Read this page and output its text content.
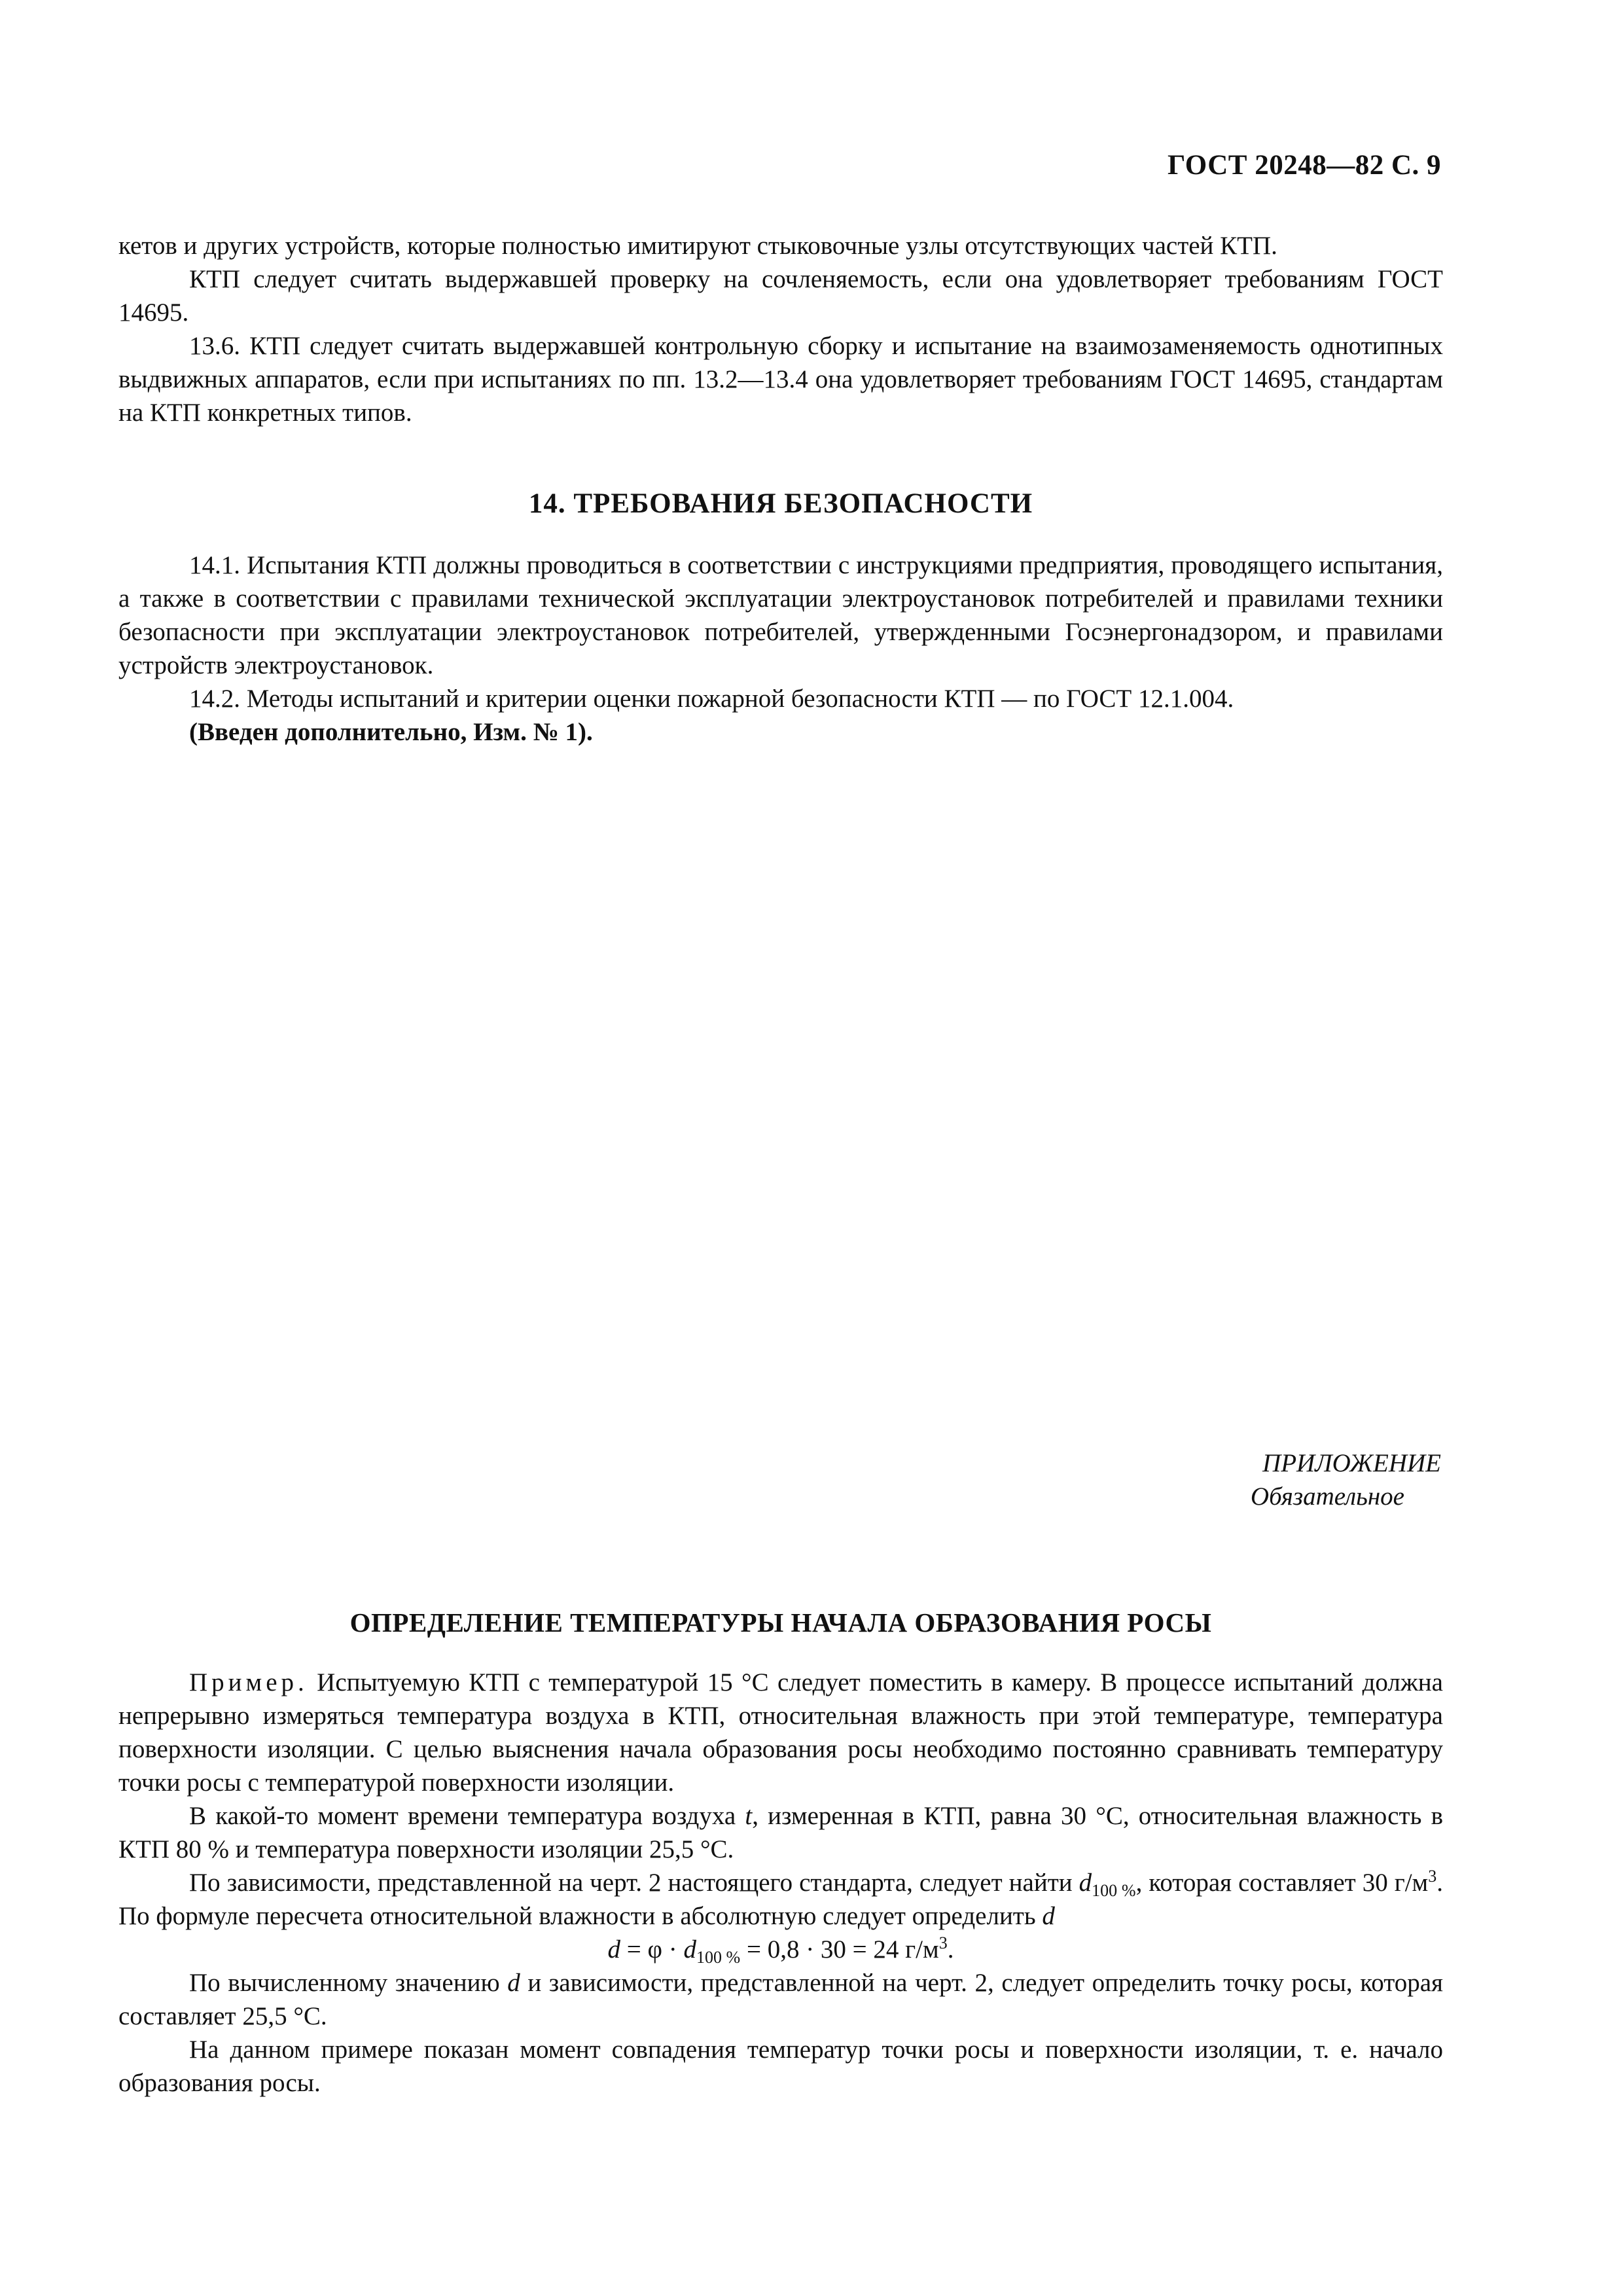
ГОСТ 20248—82 С. 9

кетов и других устройств, которые полностью имитируют стыковочные узлы отсутствующих частей КТП.

КТП следует считать выдержавшей проверку на сочленяемость, если она удовлетворяет требованиям ГОСТ 14695.

13.6. КТП следует считать выдержавшей контрольную сборку и испытание на взаимозаменяемость однотипных выдвижных аппаратов, если при испытаниях по пп. 13.2—13.4 она удовлетворяет требованиям ГОСТ 14695, стандартам на КТП конкретных типов.

14. ТРЕБОВАНИЯ БЕЗОПАСНОСТИ

14.1. Испытания КТП должны проводиться в соответствии с инструкциями предприятия, проводящего испытания, а также в соответствии с правилами технической эксплуатации электроустановок потребителей и правилами техники безопасности при эксплуатации электроустановок потребителей, утвержденными Госэнергонадзором, и правилами устройств электроустановок.

14.2. Методы испытаний и критерии оценки пожарной безопасности КТП — по ГОСТ 12.1.004.

(Введен дополнительно, Изм. № 1).

ПРИЛОЖЕНИЕ
Обязательное
ОПРЕДЕЛЕНИЕ ТЕМПЕРАТУРЫ НАЧАЛА ОБРАЗОВАНИЯ РОСЫ

Пример. Испытуемую КТП с температурой 15 °С следует поместить в камеру. В процессе испытаний должна непрерывно измеряться температура воздуха в КТП, относительная влажность при этой температуре, температура поверхности изоляции. С целью выяснения начала образования росы необходимо постоянно сравнивать температуру точки росы с температурой поверхности изоляции.

В какой-то момент времени температура воздуха t, измеренная в КТП, равна 30 °С, относительная влажность в КТП 80 % и температура поверхности изоляции 25,5 °С.

По зависимости, представленной на черт. 2 настоящего стандарта, следует найти $d_{100 \%}$, которая составляет 30 $г/м^3$. По формуле пересчета относительной влажности в абсолютную следует определить d

$d = \varphi \cdot d_{100 \%} = 0,8 \cdot 30 = 24$ $г/м^3$.

По вычисленному значению d и зависимости, представленной на черт. 2, следует определить точку росы, которая составляет 25,5 °С.

На данном примере показан момент совпадения температур точки росы и поверхности изоляции, т. е. начало образования росы.
